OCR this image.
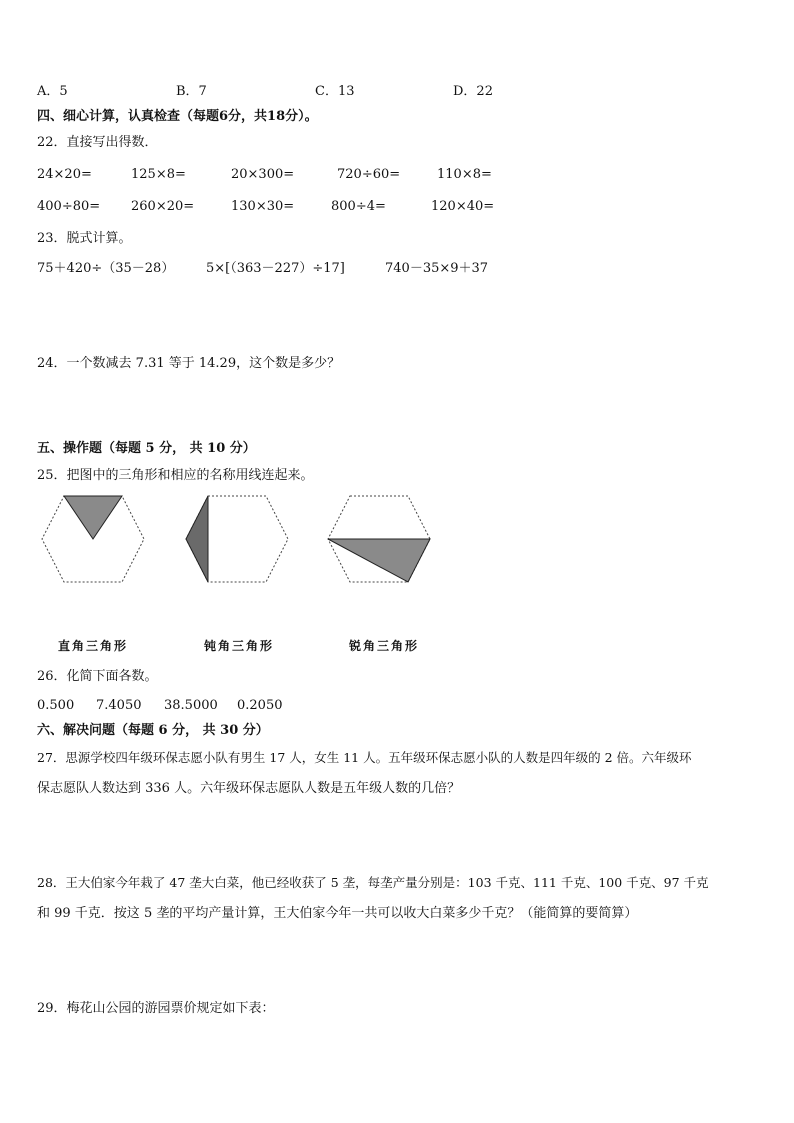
A．5	B．7	C．13	D．22
四、细心计算，认真检查（每题6分，共18分）。
22．直接写出得数．
24×20=	125×8=	20×300=	720÷60=	110×8=
400÷80= 260×20=	130×30=	800÷4=	120×40=
23．脱式计算。
75＋420÷（35－28） 5×[（363－227）÷17]	740－35×9＋37
24．一个数减去 7.31 等于 14.29，这个数是多少？
五、操作题（每题 5 分， 共 10 分）
25．把图中的三角形和相应的名称用线连起来。
直角三角形	钝角三角形	锐角三角形
26．化简下面各数。
0.500 7.4050 38.5000 0.2050
六、解决问题（每题 6 分， 共 30 分）
27．思源学校四年级环保志愿小队有男生 17 人，女生 11 人。五年级环保志愿小队的人数是四年级的 2 倍。六年级环
保志愿队人数达到 336 人。六年级环保志愿队人数是五年级人数的几倍？
28．王大伯家今年栽了 47 垄大白菜，他已经收获了 5 垄，每垄产量分别是：103 千克、111 千克、100 千克、97 千克
和 99 千克．按这 5 垄的平均产量计算，王大伯家今年一共可以收大白菜多少千克？（能简算的要简算）
29．梅花山公园的游园票价规定如下表：
